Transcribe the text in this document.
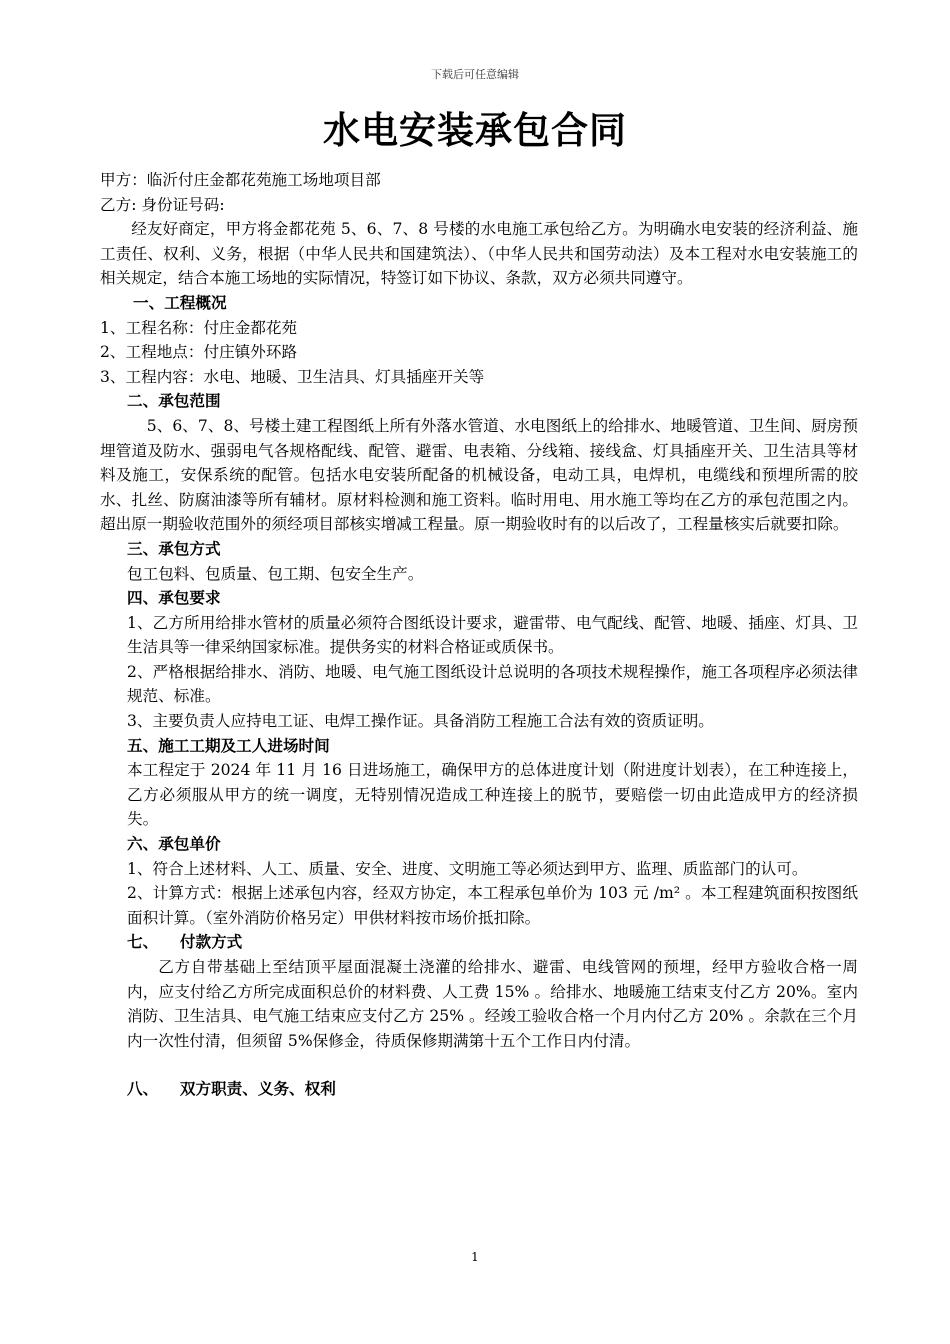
下载后可任意编辑
水电安装承包合同

甲方：临沂付庄金都花苑施工场地项目部

乙方: 身份证号码:

经友好商定，甲方将金都花苑 5、6、7、8 号楼的水电施工承包给乙方。为明确水电安装的经济利益、施工责任、权利、义务，根据（中华人民共和国建筑法）、（中华人民共和国劳动法）及本工程对水电安装施工的相关规定，结合本施工场地的实际情况，特签订如下协议、条款，双方必须共同遵守。

一、工程概况

1、工程名称：付庄金都花苑

2、工程地点：付庄镇外环路

3、工程内容：水电、地暖、卫生洁具、灯具插座开关等

二、承包范围

5、6、7、8、号楼土建工程图纸上所有外落水管道、水电图纸上的给排水、地暖管道、卫生间、厨房预埋管道及防水、强弱电气各规格配线、配管、避雷、电表箱、分线箱、接线盒、灯具插座开关、卫生洁具等材料及施工，安保系统的配管。包括水电安装所配备的机械设备，电动工具，电焊机，电缆线和预埋所需的胶水、扎丝、防腐油漆等所有辅材。原材料检测和施工资料。临时用电、用水施工等均在乙方的承包范围之内。超出原一期验收范围外的须经项目部核实增减工程量。原一期验收时有的以后改了，工程量核实后就要扣除。

三、承包方式

包工包料、包质量、包工期、包安全生产。

四、承包要求

1、乙方所用给排水管材的质量必须符合图纸设计要求，避雷带、电气配线、配管、地暖、插座、灯具、卫生洁具等一律采纳国家标准。提供务实的材料合格证或质保书。

2、严格根据给排水、消防、地暖、电气施工图纸设计总说明的各项技术规程操作，施工各项程序必须法律规范、标准。

3、主要负责人应持电工证、电焊工操作证。具备消防工程施工合法有效的资质证明。

五、施工工期及工人进场时间

本工程定于 2024 年 11 月 16 日进场施工，确保甲方的总体进度计划（附进度计划表），在工种连接上，乙方必须服从甲方的统一调度，无特别情况造成工种连接上的脱节，要赔偿一切由此造成甲方的经济损失。

六、承包单价

1、符合上述材料、人工、质量、安全、进度、文明施工等必须达到甲方、监理、质监部门的认可。

2、计算方式：根据上述承包内容，经双方协定，本工程承包单价为 103 元 /m² 。本工程建筑面积按图纸面积计算。（室外消防价格另定）甲供材料按市场价抵扣除。

七、    付款方式

乙方自带基础上至结顶平屋面混凝土浇灌的给排水、避雷、电线管网的预埋，经甲方验收合格一周内，应支付给乙方所完成面积总价的材料费、人工费 15% 。给排水、地暖施工结束支付乙方 20%。室内消防、卫生洁具、电气施工结束应支付乙方 25% 。经竣工验收合格一个月内付乙方 20% 。余款在三个月内一次性付清，但须留 5%保修金，待质保修期满第十五个工作日内付清。

八、    双方职责、义务、权利

1
